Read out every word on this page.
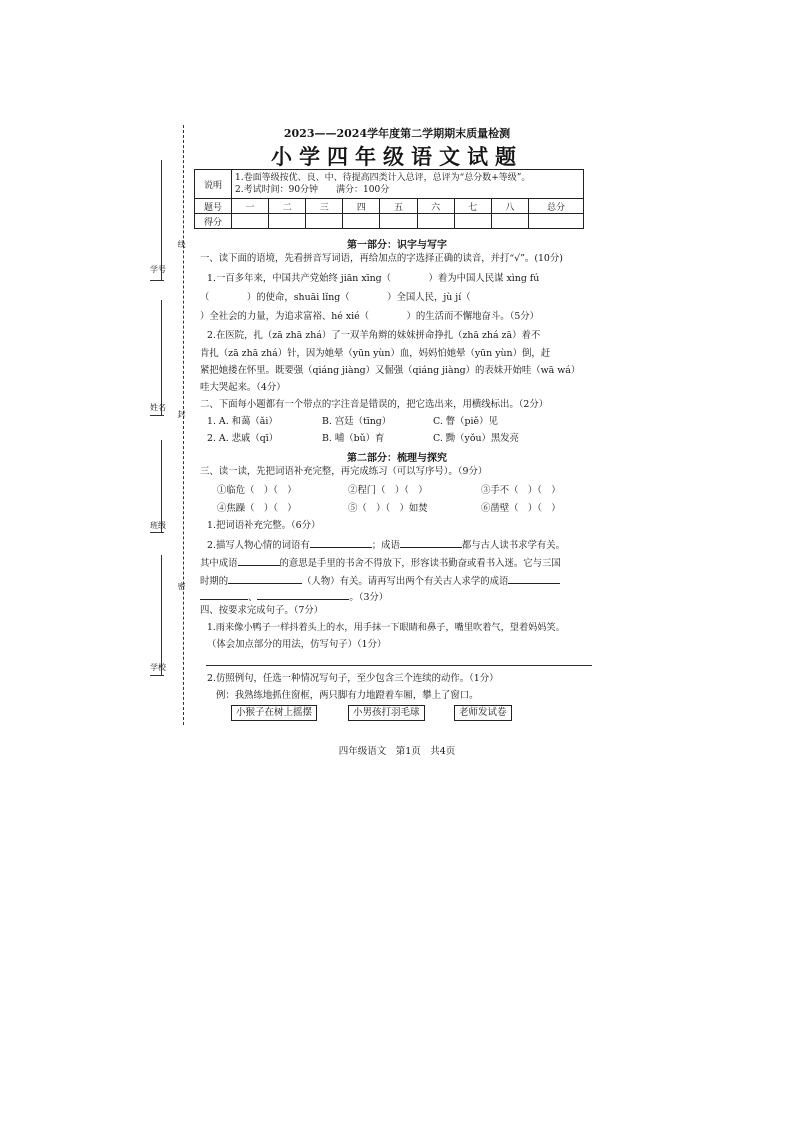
线
封
密
学号
姓名
班级
学校
2023——2024学年度第二学期期末质量检测
小学四年级语文试题
说明	1.卷面等级按优、良、中、待提高四类计入总评，总评为“总分数+等级”。
2.考试时间：90分钟　　满分：100分								

题号	一	二	三	四	五	六	七	八	总分
得分									
第一部分：识字与写字
一、读下面的语境，先看拼音写词语，再给加点的字选择正确的读音，并打“√”。(10分)
1.一百多年来，中国共产党始终 jiān xīng（　　　　）着为中国人民谋 xìng fú
（　　　　）的使命，shuāi lǐng（　　　　）全国人民，jù jí（
）全社会的力量，为追求富裕、hé xié（　　　　）的生活而不懈地奋斗。（5分）
2.在医院，扎（zā zhā zhá）了一双羊角辫的妹妹拼命挣扎（zhā zhá zā）着不
肯扎（zā zhā zhá）针，因为她晕（yūn yùn）血，妈妈怕她晕（yūn yùn）倒，赶
紧把她搂在怀里。既要强（qiáng jiàng）又倔强（qiáng jiàng）的表妹开始哇（wā wá）
哇大哭起来。（4分）
二、下面每小题都有一个带点的字注音是错误的，把它选出来，用横线标出。（2分）
1. A. 和蔼（ǎi）	B. 宫廷（tīng）	C. 瞥（piě）见
2. A. 悲戚（qī）	B. 哺（bǔ）育	C. 黝（yǒu）黑发亮
第二部分：梳理与探究
三、读一读，先把词语补充完整，再完成练习（可以写序号）。（9分）
①临危（　）（　）	②程门（　）（　）	③手不（　）（　）
④焦躁（　）（　）	⑤（　）（　）如焚	⑥凿壁（　）（　）
1.把词语补充完整。（6分）
2.描写人物心情的词语有	；成语	都与古人读书求学有关。
其中成语	的意思是手里的书舍不得放下，形容读书勤奋或看书入迷。它与三国
时期的	（人物）有关。请再写出两个有关古人求学的成语
、	。（3分）
四、按要求完成句子。（7分）
1.雨来像小鸭子一样抖着头上的水，用手抹一下眼睛和鼻子，嘴里吹着气，望着妈妈笑。
（体会加点部分的用法，仿写句子）（1分）
2.仿照例句，任选一种情况写句子，至少包含三个连续的动作。（1分）
例：我熟练地抓住窗框，两只脚有力地蹬着车厢，攀上了窗口。
小猴子在树上摇摆	小男孩打羽毛球	老师发试卷
四年级语文　第1页　共4页
